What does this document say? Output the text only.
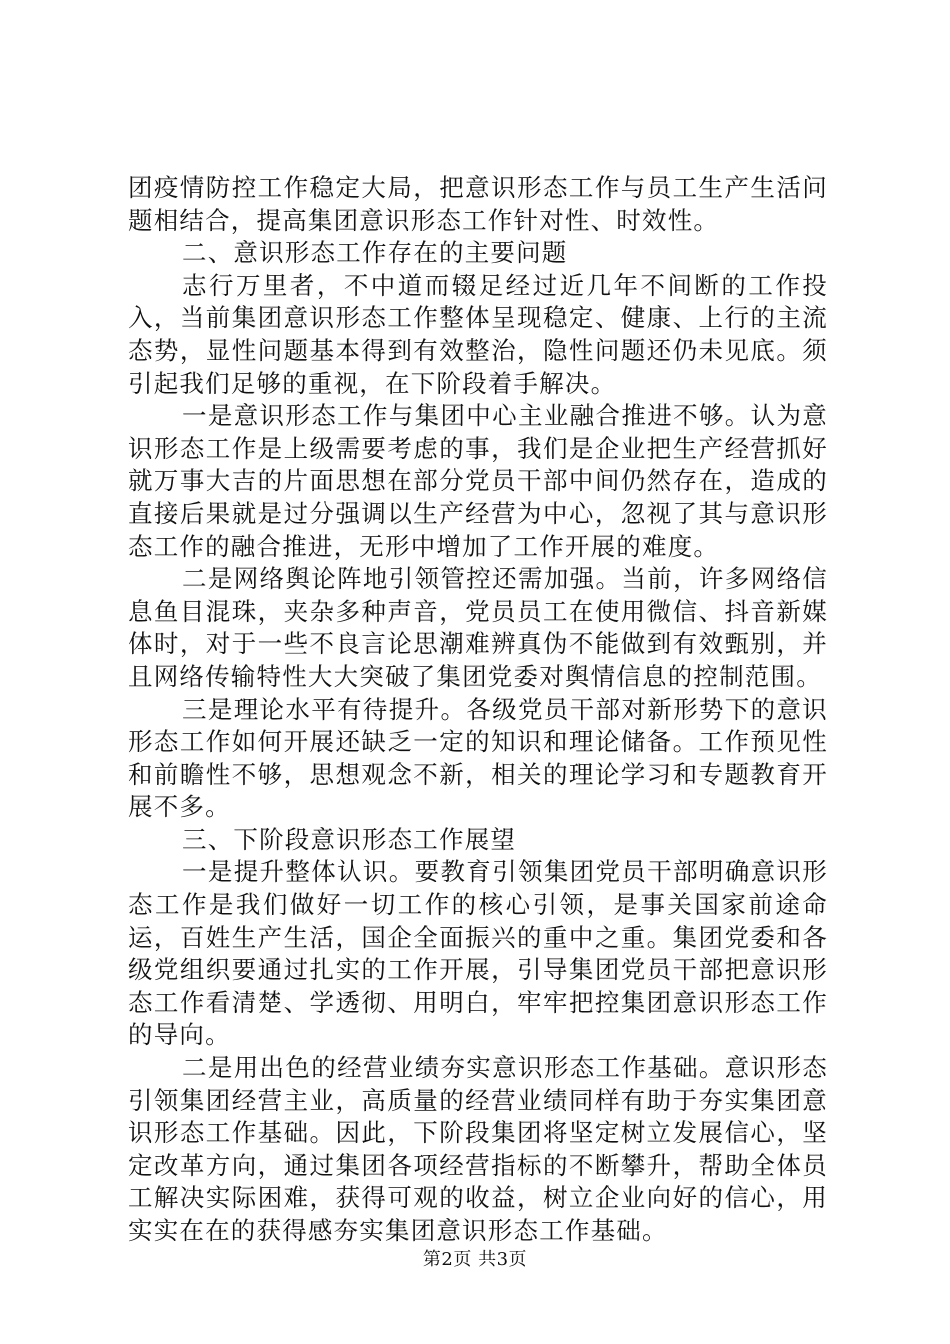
团疫情防控工作稳定大局，把意识形态工作与员工生产生活问题相结合，提高集团意识形态工作针对性、时效性。

二、意识形态工作存在的主要问题

志行万里者，不中道而辍足经过近几年不间断的工作投入，当前集团意识形态工作整体呈现稳定、健康、上行的主流态势，显性问题基本得到有效整治，隐性问题还仍未见底。须引起我们足够的重视，在下阶段着手解决。

一是意识形态工作与集团中心主业融合推进不够。认为意识形态工作是上级需要考虑的事，我们是企业把生产经营抓好就万事大吉的片面思想在部分党员干部中间仍然存在，造成的直接后果就是过分强调以生产经营为中心，忽视了其与意识形态工作的融合推进，无形中增加了工作开展的难度。

二是网络舆论阵地引领管控还需加强。当前，许多网络信息鱼目混珠，夹杂多种声音，党员员工在使用微信、抖音新媒体时，对于一些不良言论思潮难辨真伪不能做到有效甄别，并且网络传输特性大大突破了集团党委对舆情信息的控制范围。

三是理论水平有待提升。各级党员干部对新形势下的意识形态工作如何开展还缺乏一定的知识和理论储备。工作预见性和前瞻性不够，思想观念不新，相关的理论学习和专题教育开展不多。

三、下阶段意识形态工作展望

一是提升整体认识。要教育引领集团党员干部明确意识形态工作是我们做好一切工作的核心引领，是事关国家前途命运，百姓生产生活，国企全面振兴的重中之重。集团党委和各级党组织要通过扎实的工作开展，引导集团党员干部把意识形态工作看清楚、学透彻、用明白，牢牢把控集团意识形态工作的导向。

二是用出色的经营业绩夯实意识形态工作基础。意识形态引领集团经营主业，高质量的经营业绩同样有助于夯实集团意识形态工作基础。因此，下阶段集团将坚定树立发展信心，坚定改革方向，通过集团各项经营指标的不断攀升，帮助全体员工解决实际困难，获得可观的收益，树立企业向好的信心，用实实在在的获得感夯实集团意识形态工作基础。

第2页 共3页
